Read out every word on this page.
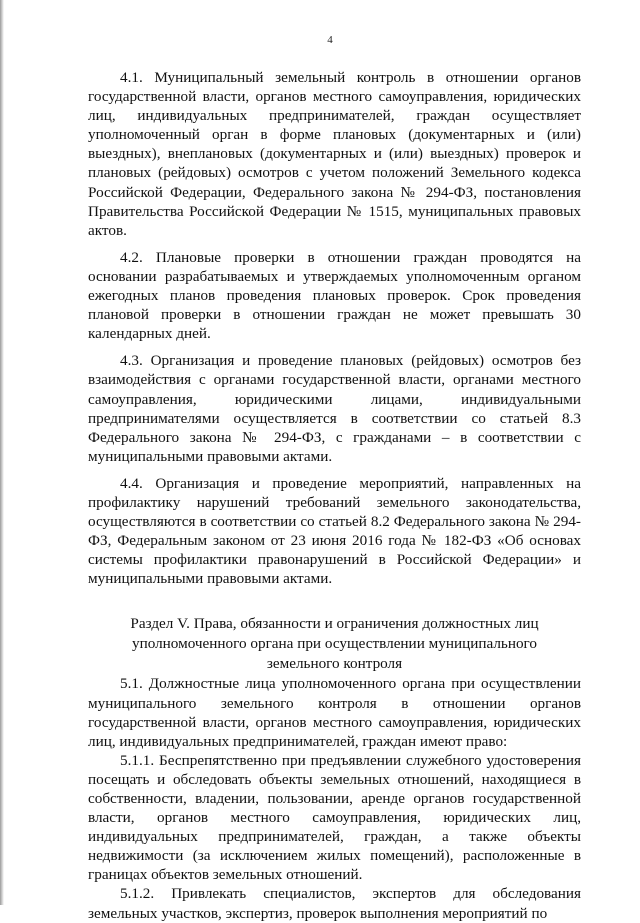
4

4.1. Муниципальный земельный контроль в отношении органов государственной власти, органов местного самоуправления, юридических лиц, индивидуальных предпринимателей, граждан осуществляет уполномоченный орган в форме плановых (документарных и (или) выездных), внеплановых (документарных и (или) выездных) проверок и плановых (рейдовых) осмотров с учетом положений Земельного кодекса Российской Федерации, Федерального закона № 294-ФЗ, постановления Правительства Российской Федерации № 1515, муниципальных правовых актов.

4.2. Плановые проверки в отношении граждан проводятся на основании разрабатываемых и утверждаемых уполномоченным органом ежегодных планов проведения плановых проверок. Срок проведения плановой проверки в отношении граждан не может превышать 30 календарных дней.

4.3. Организация и проведение плановых (рейдовых) осмотров без взаимодействия с органами государственной власти, органами местного самоуправления, юридическими лицами, индивидуальными предпринимателями осуществляется в соответствии со статьей 8.3 Федерального закона № 294-ФЗ, с гражданами – в соответствии с муниципальными правовыми актами.

4.4. Организация и проведение мероприятий, направленных на профилактику нарушений требований земельного законодательства, осуществляются в соответствии со статьей 8.2 Федерального закона № 294-ФЗ, Федеральным законом от 23 июня 2016 года № 182-ФЗ «Об основах системы профилактики правонарушений в Российской Федерации» и муниципальными правовыми актами.

Раздел V. Права, обязанности и ограничения должностных лиц уполномоченного органа при осуществлении муниципального земельного контроля

5.1. Должностные лица уполномоченного органа при осуществлении муниципального земельного контроля в отношении органов государственной власти, органов местного самоуправления, юридических лиц, индивидуальных предпринимателей, граждан имеют право:

5.1.1. Беспрепятственно при предъявлении служебного удостоверения посещать и обследовать объекты земельных отношений, находящиеся в собственности, владении, пользовании, аренде органов государственной власти, органов местного самоуправления, юридических лиц, индивидуальных предпринимателей, граждан, а также объекты недвижимости (за исключением жилых помещений), расположенные в границах объектов земельных отношений.

5.1.2. Привлекать специалистов, экспертов для обследования земельных участков, экспертиз, проверок выполнения мероприятий по
